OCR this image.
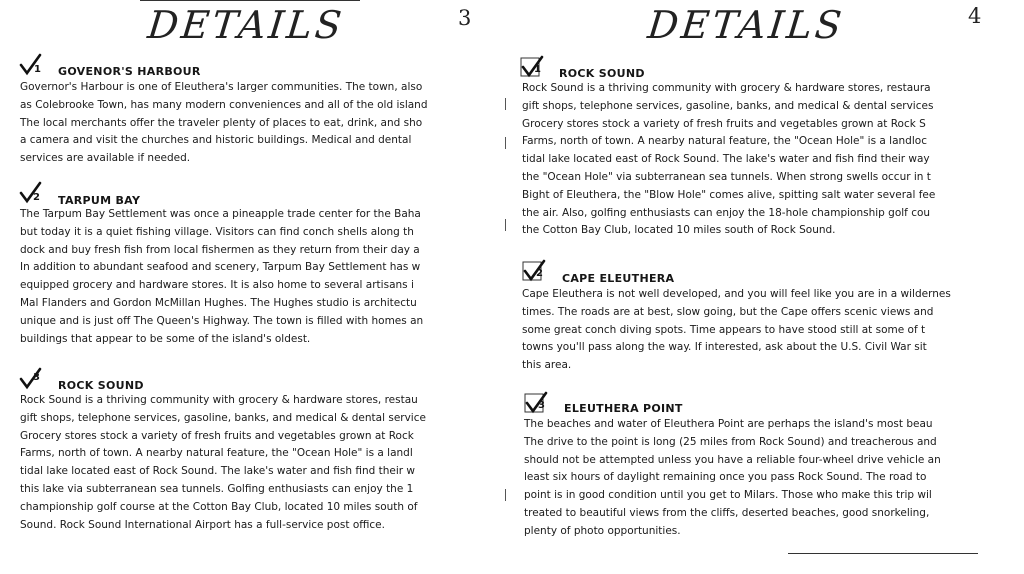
DETAILS	3
1 GOVENOR'S HARBOUR
Governor's Harbour is one of Eleuthera's larger communities. The town, also
as Colebrooke Town, has many modern conveniences and all of the old island
The local merchants offer the traveler plenty of places to eat, drink, and sho
a camera and visit the churches and historic buildings. Medical and dental
services are available if needed.
2 TARPUM BAY
The Tarpum Bay Settlement was once a pineapple trade center for the Baha
but today it is a quiet fishing village. Visitors can find conch shells along th
dock and buy fresh fish from local fishermen as they return from their day a
In addition to abundant seafood and scenery, Tarpum Bay Settlement has w
equipped grocery and hardware stores. It is also home to several artisans i
Mal Flanders and Gordon McMillan Hughes. The Hughes studio is architectu
unique and is just off The Queen's Highway. The town is filled with homes an
buildings that appear to be some of the island's oldest.
3
ROCK SOUND
Rock Sound is a thriving community with grocery & hardware stores, restau
gift shops, telephone services, gasoline, banks, and medical & dental service
Grocery stores stock a variety of fresh fruits and vegetables grown at Rock
Farms, north of town. A nearby natural feature, the "Ocean Hole" is a landl
tidal lake located east of Rock Sound. The lake's water and fish find their w
this lake via subterranean sea tunnels. Golfing enthusiasts can enjoy the 1
championship golf course at the Cotton Bay Club, located 10 miles south of
Sound. Rock Sound International Airport has a full-service post office.
DETAILS	4
1 ROCK SOUND
Rock Sound is a thriving community with grocery & hardware stores, restaura
gift shops, telephone services, gasoline, banks, and medical & dental services
Grocery stores stock a variety of fresh fruits and vegetables grown at Rock S
Farms, north of town. A nearby natural feature, the "Ocean Hole" is a landloc
tidal lake located east of Rock Sound. The lake's water and fish find their way
the "Ocean Hole" via subterranean sea tunnels. When strong swells occur in t
Bight of Eleuthera, the "Blow Hole" comes alive, spitting salt water several fee
the air. Also, golfing enthusiasts can enjoy the 18-hole championship golf cou
the Cotton Bay Club, located 10 miles south of Rock Sound.
2 CAPE ELEUTHERA
Cape Eleuthera is not well developed, and you will feel like you are in a wildernes
times. The roads are at best, slow going, but the Cape offers scenic views and
some great conch diving spots. Time appears to have stood still at some of t
towns you'll pass along the way. If interested, ask about the U.S. Civil War sit
this area.
3 ELEUTHERA POINT
The beaches and water of Eleuthera Point are perhaps the island's most beau
The drive to the point is long (25 miles from Rock Sound) and treacherous and
should not be attempted unless you have a reliable four-wheel drive vehicle an
least six hours of daylight remaining once you pass Rock Sound. The road to
point is in good condition until you get to Milars. Those who make this trip wil
treated to beautiful views from the cliffs, deserted beaches, good snorkeling,
plenty of photo opportunities.
